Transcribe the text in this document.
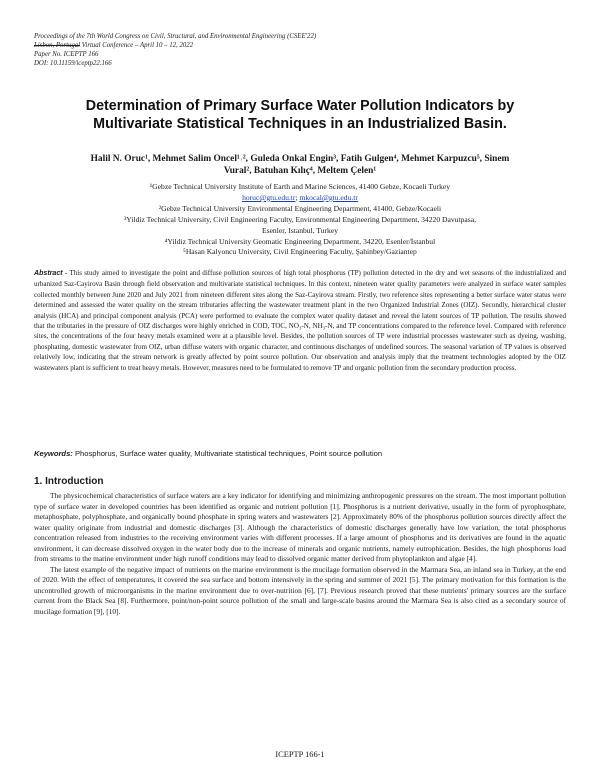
Proceedings of the 7th World Congress on Civil, Structural, and Environmental Engineering (CSEE'22)
Lisbon, Portugal Virtual Conference – April 10 – 12, 2022
Paper No. ICEPTP 166
DOI: 10.11159/iceptp22.166
Determination of Primary Surface Water Pollution Indicators by
Multivariate Statistical Techniques in an Industrialized Basin.
Halil N. Oruc¹, Mehmet Salim Oncel¹˒², Guleda Onkal Engin³, Fatih Gulgen⁴, Mehmet Karpuzcu⁵, Sinem
Vural², Batuhan Kılıç⁴, Meltem Çelen¹
¹Gebze Technical University Institute of Earth and Marine Sciences, 41400 Gebze, Kocaeli Turkey
horuc@gtu.edu.tr; mkocal@gtu.edu.tr
²Gebze Technical University Environmental Engineering Department, 41400, Gebze/Kocaeli
³Yildiz Technical University, Civil Engineering Faculty, Environmental Engineering Department, 34220 Davutpasa,
Esenler, Istanbul, Turkey
⁴Yildiz Technical University Geomatic Engineering Department, 34220, Esenler/İstanbul
⁵Hasan Kalyoncu University, Civil Engineering Faculty, Şahinbey/Gaziantep
Abstract - This study aimed to investigate the point and diffuse pollution sources of high total phosphorus (TP) pollution detected in the dry and wet seasons of the industrialized and urbanized Saz-Cayirova Basin through field observation and multivariate statistical techniques. In this context, nineteen water quality parameters were analyzed in surface water samples collected monthly between June 2020 and July 2021 from nineteen different sites along the Saz-Cayirova stream. Firstly, two reference sites representing a better surface water status were determined and assessed the water quality on the stream tributaries affecting the wastewater treatment plant in the two Organized Industrial Zones (OIZ). Secondly, hierarchical cluster analysis (HCA) and principal component analysis (PCA) were performed to evaluate the complex water quality dataset and reveal the latent sources of TP pollution. The results showed that the tributaries in the pressure of OIZ discharges were highly enriched in COD, TOC, NO₃-N, NH₃-N, and TP concentrations compared to the reference level. Compared with reference sites, the concentrations of the four heavy metals examined were at a plausible level. Besides, the pollution sources of TP were industrial processes wastewater such as dyeing, washing, phosphating, domestic wastewater from OIZ, urban diffuse waters with organic character, and continuous discharges of undefined sources. The seasonal variation of TP values is observed relatively low, indicating that the stream network is greatly affected by point source pollution. Our observation and analysis imply that the treatment technologies adopted by the OIZ wastewaters plant is sufficient to treat heavy metals. However, measures need to be formulated to remove TP and organic pollution from the secondary production process.
Keywords: Phosphorus, Surface water quality, Multivariate statistical techniques, Point source pollution
1. Introduction

The physicochemical characteristics of surface waters are a key indicator for identifying and minimizing anthropogenic pressures on the stream. The most important pollution type of surface water in developed countries has been identified as organic and nutrient pollution [1]. Phosphorus is a nutrient derivative, usually in the form of pyrophosphate, metaphosphate, polyphosphate, and organically bound phosphate in spring waters and wastewaters [2]. Approximately 80% of the phosphorus pollution sources directly affect the water quality originate from industrial and domestic discharges [3]. Although the characteristics of domestic discharges generally have low variation, the total phosphorus concentration released from industries to the receiving environment varies with different processes. If a large amount of phosphorus and its derivatives are found in the aquatic environment, it can decrease dissolved oxygen in the water body due to the increase of minerals and organic nutrients, namely eutrophication. Besides, the high phosphorus load from streams to the marine environment under high runoff conditions may lead to dissolved organic matter derived from phytoplankton and algae [4].

The latest example of the negative impact of nutrients on the marine environment is the mucilage formation observed in the Marmara Sea, an inland sea in Turkey, at the end of 2020. With the effect of temperatures, it covered the sea surface and bottom intensively in the spring and summer of 2021 [5]. The primary motivation for this formation is the uncontrolled growth of microorganisms in the marine environment due to over-nutrition [6], [7]. Previous research proved that these nutrients' primary sources are the surface current from the Black Sea [8]. Furthermore, point/non-point source pollution of the small and large-scale basins around the Marmara Sea is also cited as a secondary source of mucilage formation [9], [10].

ICEPTP 166-1
